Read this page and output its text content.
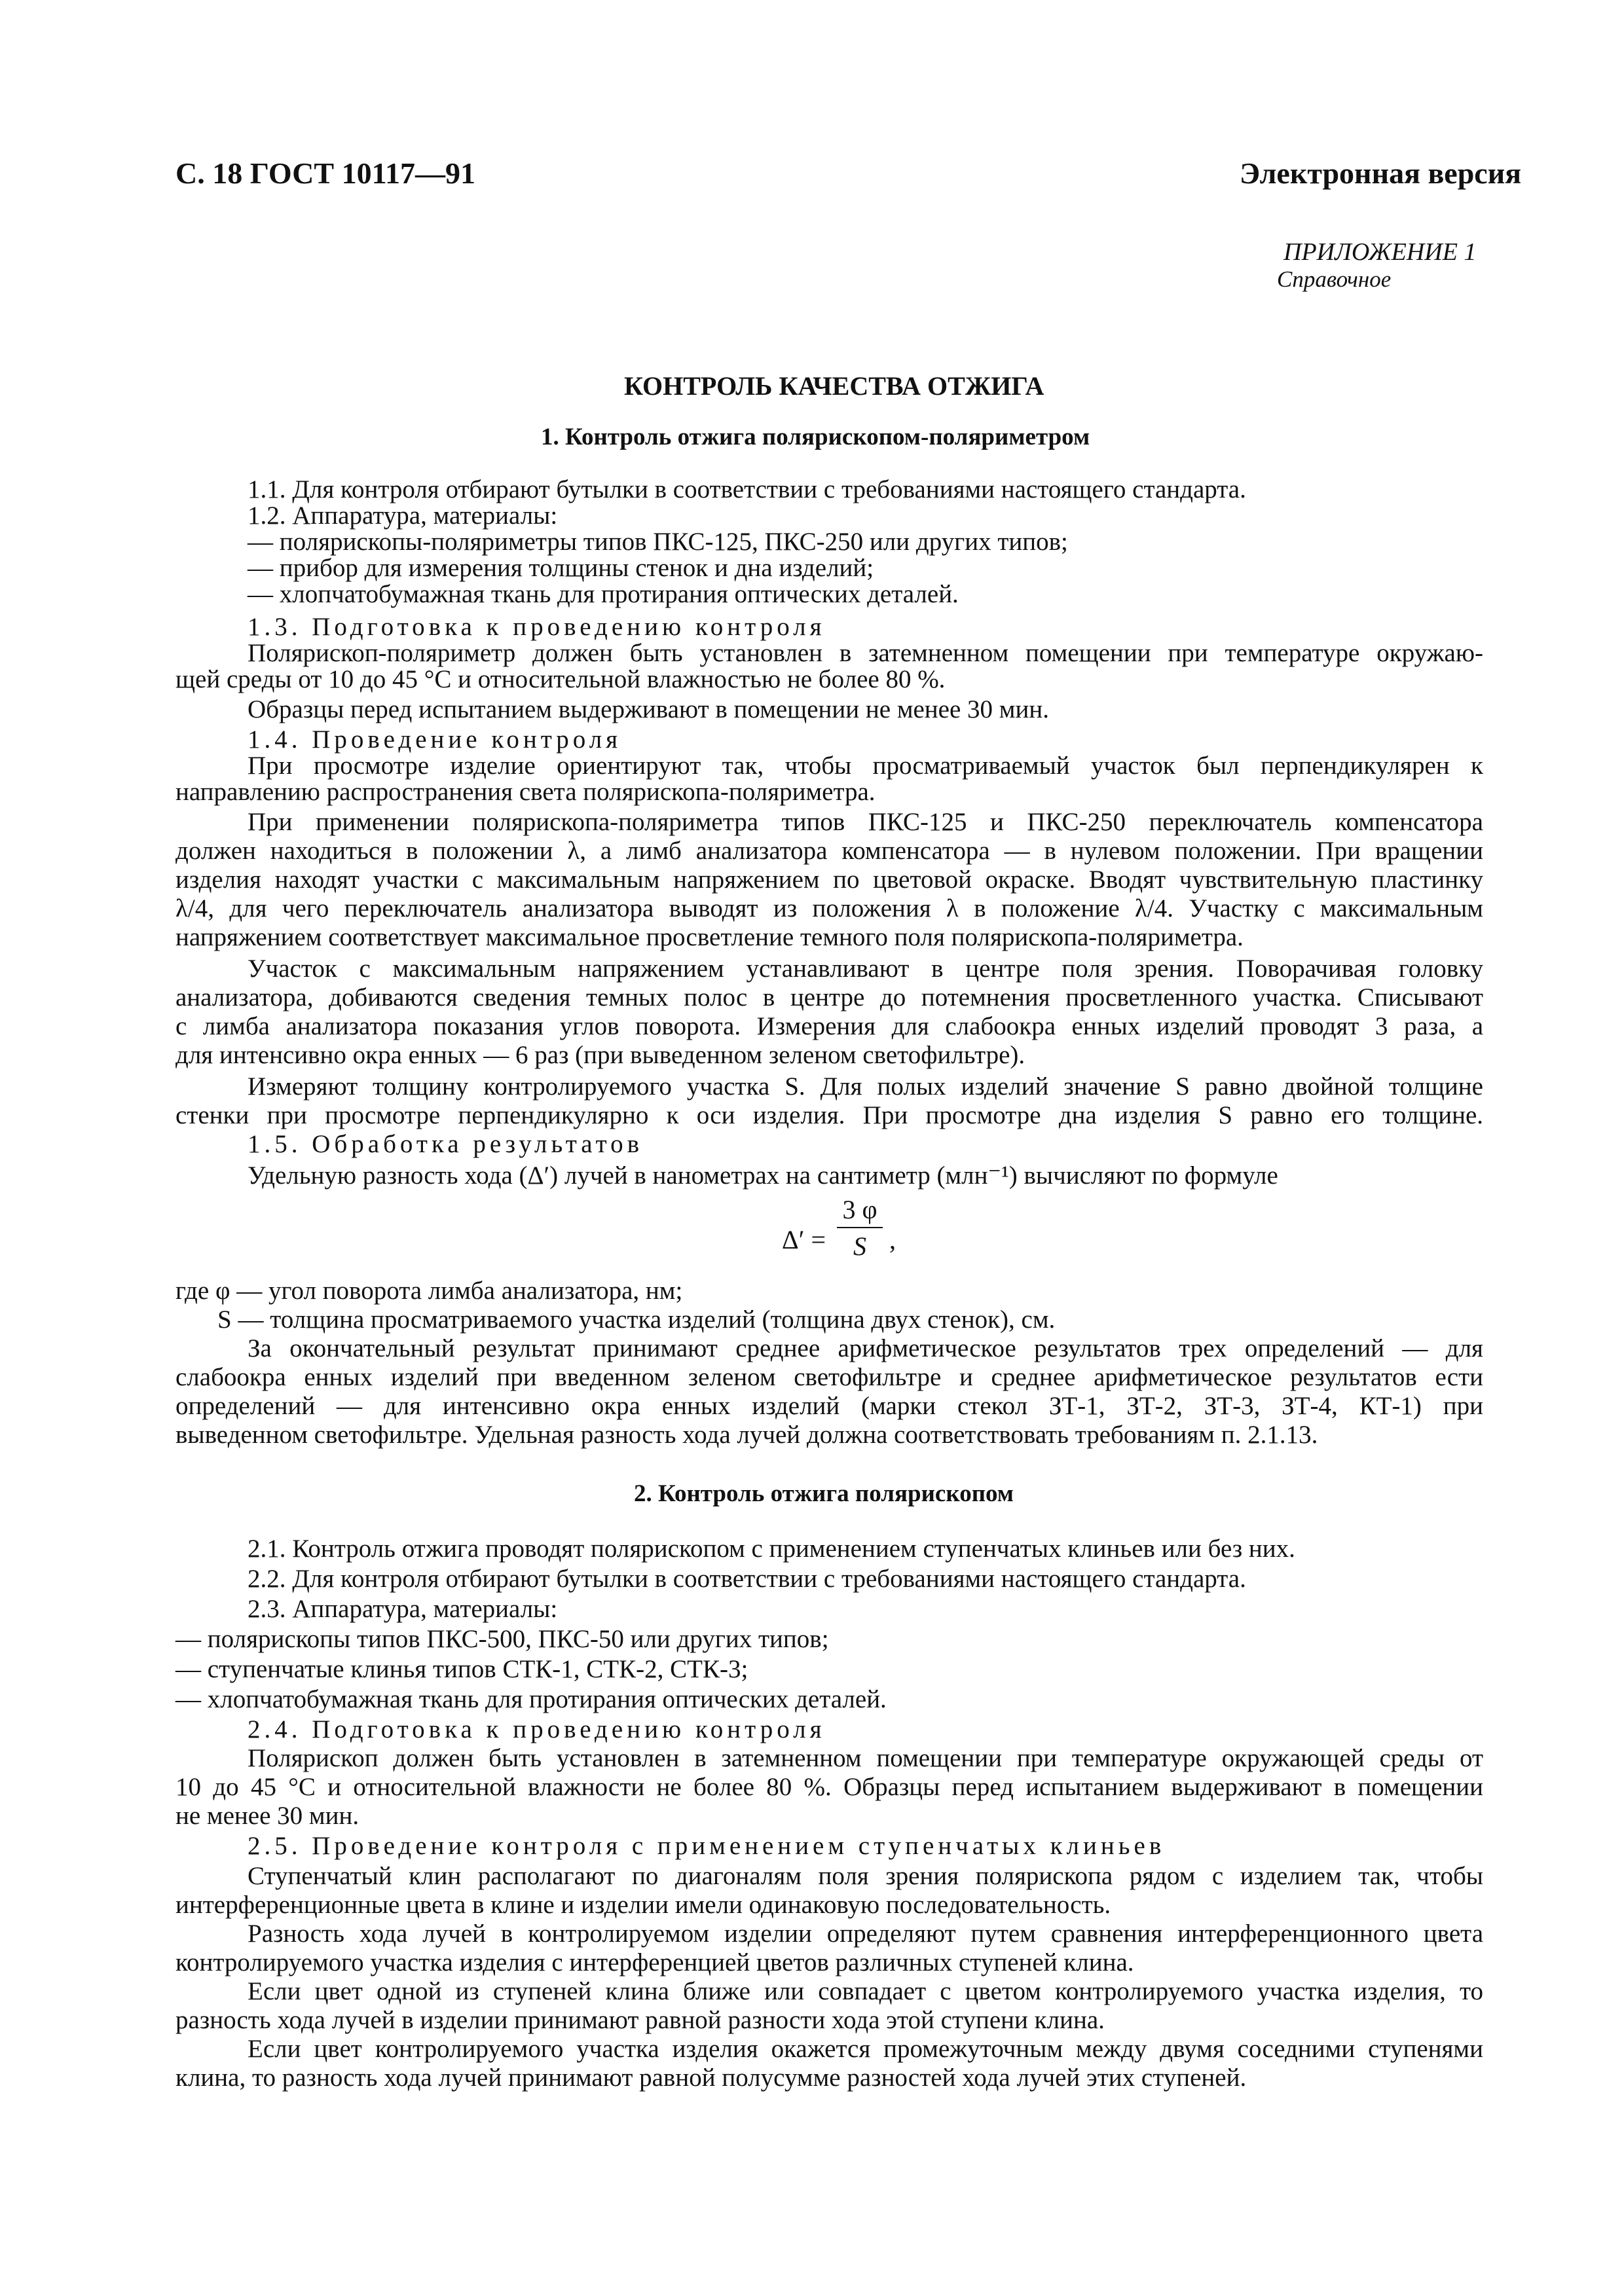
С. 18 ГОСТ 10117—91	Электронная версия
ПРИЛОЖЕНИЕ 1
Справочное
КОНТРОЛЬ КАЧЕСТВА ОТЖИГА
1. Контроль отжига полярископом-поляриметром
1.1. Для контроля отбирают бутылки в соответствии с требованиями настоящего стандарта.
1.2. Аппаратура, материалы:
— полярископы-поляриметры типов ПКС-125, ПКС-250 или других типов;
— прибор для измерения толщины стенок и дна изделий;
— хлопчатобумажная ткань для протирания оптических деталей.
1.3. Подготовка к проведению контроля
Полярископ-поляриметр должен быть установлен в затемненном помещении при температуре окружаю-
щей среды от 10 до 45 °С и относительной влажностью не более 80 %.
Образцы перед испытанием выдерживают в помещении не менее 30 мин.
1.4. Проведение контроля
При просмотре изделие ориентируют так, чтобы просматриваемый участок был перпендикулярен к
направлению распространения света полярископа-поляриметра.
При применении полярископа-поляриметра типов ПКС-125 и ПКС-250 переключатель компенсатора
должен находиться в положении λ, а лимб анализатора компенсатора — в нулевом положении. При вращении
изделия находят участки с максимальным напряжением по цветовой окраске. Вводят чувствительную пластинку
λ/4, для чего переключатель анализатора выводят из положения λ в положение λ/4. Участку с максимальным
напряжением соответствует максимальное просветление темного поля полярископа-поляриметра.
Участок с максимальным напряжением устанавливают в центре поля зрения. Поворачивая головку
анализатора, добиваются сведения темных полос в центре до потемнения просветленного участка. Списывают
с лимба анализатора показания углов поворота. Измерения для слабоокра енных изделий проводят 3 раза, а
для интенсивно окра енных — 6 раз (при выведенном зеленом светофильтре).
Измеряют толщину контролируемого участка S. Для полых изделий значение S равно двойной толщине
стенки при просмотре перпендикулярно к оси изделия. При просмотре дна изделия S равно его толщине.
1.5. Обработка результатов
Удельную разность хода (Δ′) лучей в нанометрах на сантиметр (млн⁻¹) вычисляют по формуле
Δ′ =
3 φ
S ,
где φ — угол поворота лимба анализатора, нм;
S — толщина просматриваемого участка изделий (толщина двух стенок), см.
За окончательный результат принимают среднее арифметическое результатов трех определений — для
слабоокра енных изделий при введенном зеленом светофильтре и среднее арифметическое результатов ести
определений — для интенсивно окра енных изделий (марки стекол ЗТ-1, ЗТ-2, ЗТ-3, ЗТ-4, КТ-1) при
выведенном светофильтре. Удельная разность хода лучей должна соответствовать требованиям п. 2.1.13.
2. Контроль отжига полярископом
2.1. Контроль отжига проводят полярископом с применением ступенчатых клиньев или без них.
2.2. Для контроля отбирают бутылки в соответствии с требованиями настоящего стандарта.
2.3. Аппаратура, материалы:
— полярископы типов ПКС-500, ПКС-50 или других типов;
— ступенчатые клинья типов СТК-1, СТК-2, СТК-3;
— хлопчатобумажная ткань для протирания оптических деталей.
2.4. Подготовка к проведению контроля
Полярископ должен быть установлен в затемненном помещении при температуре окружающей среды от
10 до 45 °С и относительной влажности не более 80 %. Образцы перед испытанием выдерживают в помещении
не менее 30 мин.
2.5. Проведение контроля с применением ступенчатых клиньев
Ступенчатый клин располагают по диагоналям поля зрения полярископа рядом с изделием так, чтобы
интерференционные цвета в клине и изделии имели одинаковую последовательность.
Разность хода лучей в контролируемом изделии определяют путем сравнения интерференционного цвета
контролируемого участка изделия с интерференцией цветов различных ступеней клина.
Если цвет одной из ступеней клина ближе или совпадает с цветом контролируемого участка изделия, то
разность хода лучей в изделии принимают равной разности хода этой ступени клина.
Если цвет контролируемого участка изделия окажется промежуточным между двумя соседними ступенями
клина, то разность хода лучей принимают равной полусумме разностей хода лучей этих ступеней.
